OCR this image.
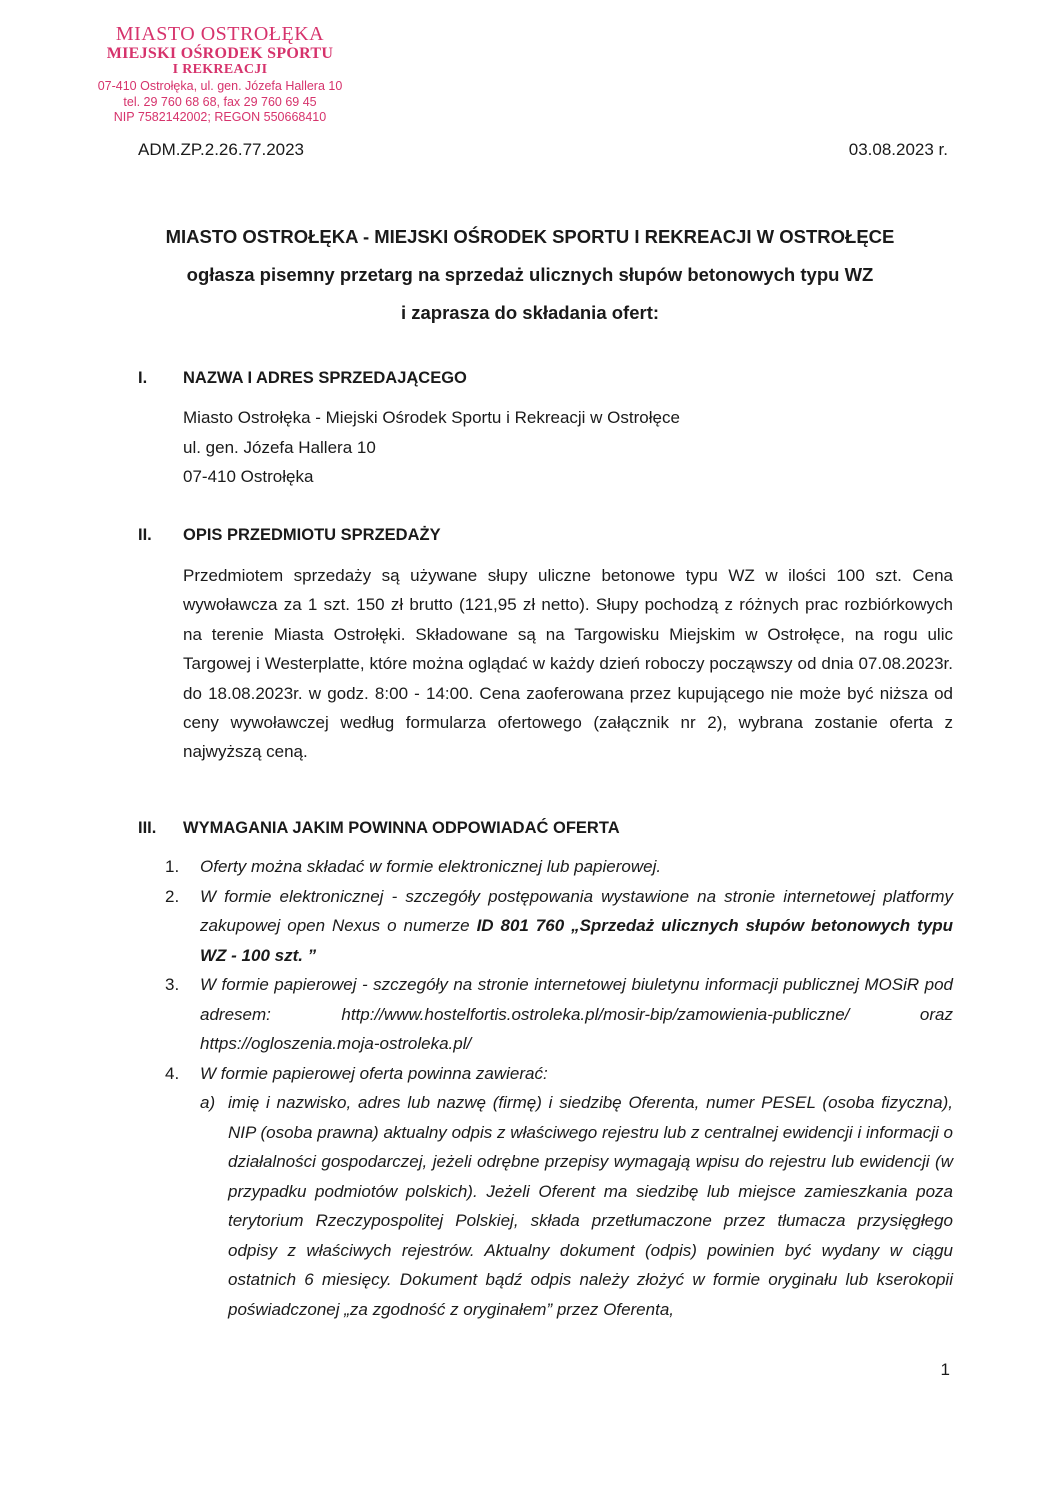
MIASTO OSTROŁĘKA
MIEJSKI OŚRODEK SPORTU
I REKREACJI
07-410 Ostrołęka, ul. gen. Józefa Hallera 10
tel. 29 760 68 68, fax 29 760 69 45
NIP 7582142002; REGON 550668410
ADM.ZP.2.26.77.2023	03.08.2023 r.
MIASTO OSTROŁĘKA - MIEJSKI OŚRODEK SPORTU I REKREACJI W OSTROŁĘCE
ogłasza pisemny przetarg na sprzedaż ulicznych słupów betonowych typu WZ
i zaprasza do składania ofert:
I.	NAZWA I ADRES SPRZEDAJĄCEGO
Miasto Ostrołęka - Miejski Ośrodek Sportu i Rekreacji w Ostrołęce
ul. gen. Józefa Hallera 10
07-410 Ostrołęka
II.	OPIS PRZEDMIOTU SPRZEDAŻY
Przedmiotem sprzedaży są używane słupy uliczne betonowe typu WZ w ilości 100 szt. Cena wywoławcza za 1 szt. 150 zł brutto (121,95 zł netto). Słupy pochodzą z różnych prac rozbiórkowych na terenie Miasta Ostrołęki. Składowane są na Targowisku Miejskim w Ostrołęce, na rogu ulic Targowej i Westerplatte, które można oglądać w każdy dzień roboczy począwszy od dnia 07.08.2023r. do 18.08.2023r. w godz. 8:00 - 14:00. Cena zaoferowana przez kupującego nie może być niższa od ceny wywoławczej według formularza ofertowego (załącznik nr 2), wybrana zostanie oferta z najwyższą ceną.
III.	WYMAGANIA JAKIM POWINNA ODPOWIADAĆ OFERTA
1.	Oferty można składać w formie elektronicznej lub papierowej.
2.	W formie elektronicznej - szczegóły postępowania wystawione na stronie internetowej platformy zakupowej open Nexus o numerze ID 801 760 „Sprzedaż ulicznych słupów betonowych typu WZ - 100 szt. ”
3.	W formie papierowej - szczegóły na stronie internetowej biuletynu informacji publicznej MOSiR pod adresem: http://www.hostelfortis.ostroleka.pl/mosir-bip/zamowienia-publiczne/ oraz https://ogloszenia.moja-ostroleka.pl/
4.	W formie papierowej oferta powinna zawierać:
a) imię i nazwisko, adres lub nazwę (firmę) i siedzibę Oferenta, numer PESEL (osoba fizyczna), NIP (osoba prawna) aktualny odpis z właściwego rejestru lub z centralnej ewidencji i informacji o działalności gospodarczej, jeżeli odrębne przepisy wymagają wpisu do rejestru lub ewidencji (w przypadku podmiotów polskich). Jeżeli Oferent ma siedzibę lub miejsce zamieszkania poza terytorium Rzeczypospolitej Polskiej, składa przetłumaczone przez tłumacza przysięgłego odpisy z właściwych rejestrów. Aktualny dokument (odpis) powinien być wydany w ciągu ostatnich 6 miesięcy. Dokument bądź odpis należy złożyć w formie oryginału lub kserokopii poświadczonej „za zgodność z oryginałem” przez Oferenta,
1
